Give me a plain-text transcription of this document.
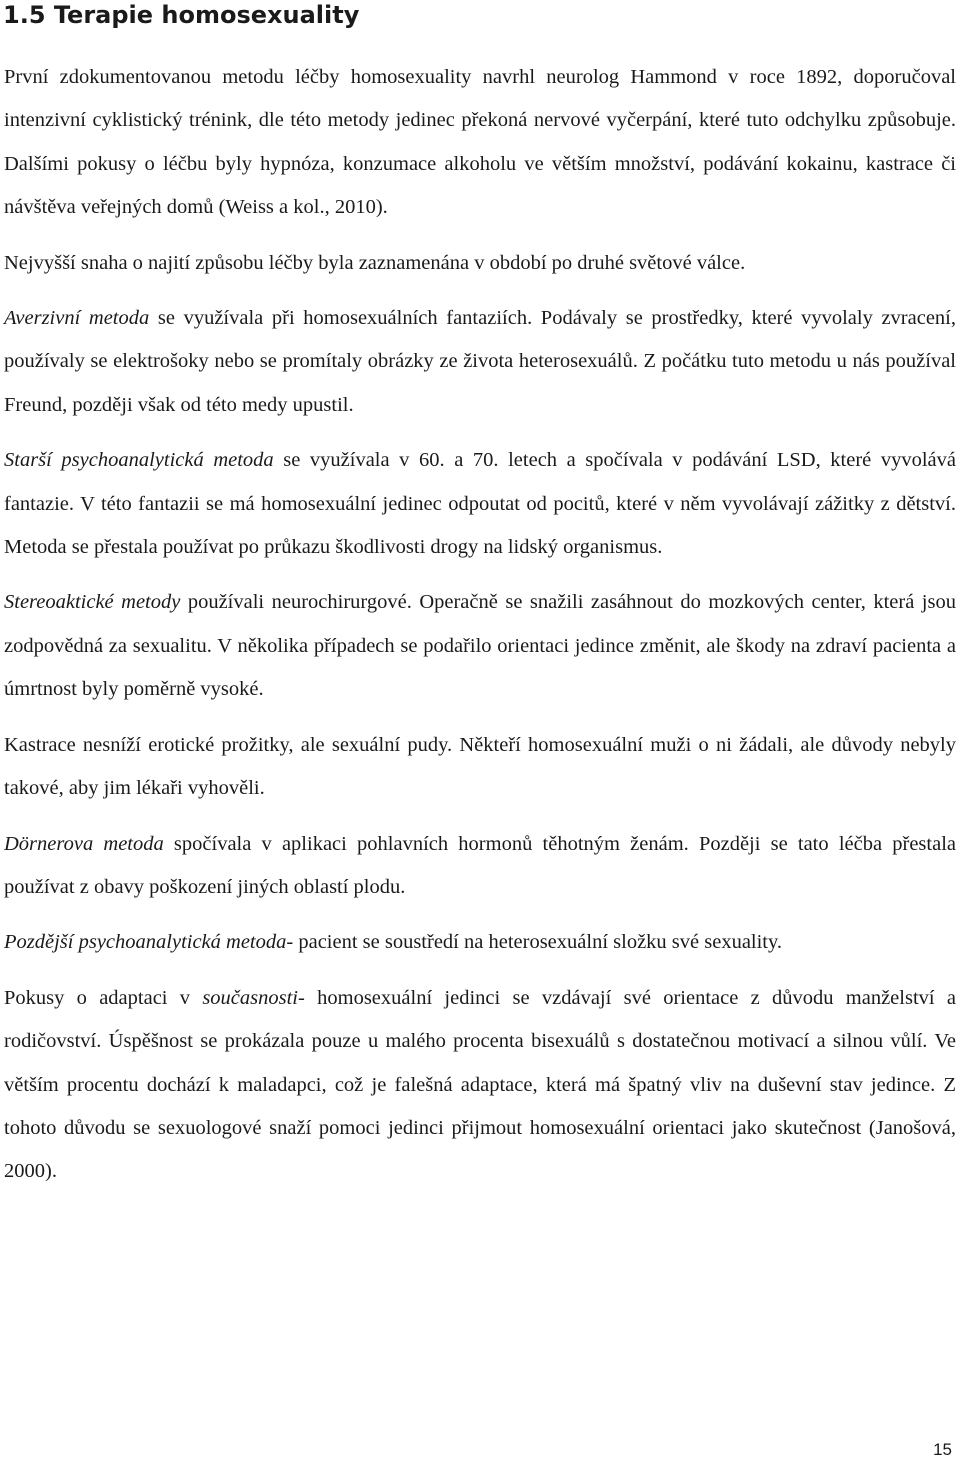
1.5 Terapie homosexuality

První zdokumentovanou metodu léčby homosexuality navrhl neurolog Hammond v roce 1892, doporučoval intenzivní cyklistický trénink, dle této metody jedinec překoná nervové vyčerpání, které tuto odchylku způsobuje. Dalšími pokusy o léčbu byly hypnóza, konzumace alkoholu ve větším množství, podávání kokainu, kastrace či návštěva veřejných domů (Weiss a kol., 2010).

Nejvyšší snaha o najití způsobu léčby byla zaznamenána v období po druhé světové válce.

Averzivní metoda se využívala při homosexuálních fantaziích. Podávaly se prostředky, které vyvolaly zvracení, používaly se elektrošoky nebo se promítaly obrázky ze života heterosexuálů. Z počátku tuto metodu u nás používal Freund, později však od této medy upustil.

Starší psychoanalytická metoda se využívala v 60. a 70. letech a spočívala v podávání LSD, které vyvolává fantazie. V této fantazii se má homosexuální jedinec odpoutat od pocitů, které v něm vyvolávají zážitky z dětství. Metoda se přestala používat po průkazu škodlivosti drogy na lidský organismus.

Stereoaktické metody používali neurochirurgové. Operačně se snažili zasáhnout do mozkových center, která jsou zodpovědná za sexualitu. V několika případech se podařilo orientaci jedince změnit, ale škody na zdraví pacienta a úmrtnost byly poměrně vysoké.

Kastrace nesníží erotické prožitky, ale sexuální pudy. Někteří homosexuální muži o ni žádali, ale důvody nebyly takové, aby jim lékaři vyhověli.

Dörnerova metoda spočívala v aplikaci pohlavních hormonů těhotným ženám. Později se tato léčba přestala používat z obavy poškození jiných oblastí plodu.

Pozdější psychoanalytická metoda- pacient se soustředí na heterosexuální složku své sexuality.

Pokusy o adaptaci v současnosti- homosexuální jedinci se vzdávají své orientace z důvodu manželství a rodičovství. Úspěšnost se prokázala pouze u malého procenta bisexuálů s dostatečnou motivací a silnou vůlí. Ve větším procentu dochází k maladapci, což je falešná adaptace, která má špatný vliv na duševní stav jedince. Z tohoto důvodu se sexuologové snaží pomoci jedinci přijmout homosexuální orientaci jako skutečnost (Janošová, 2000).

15
